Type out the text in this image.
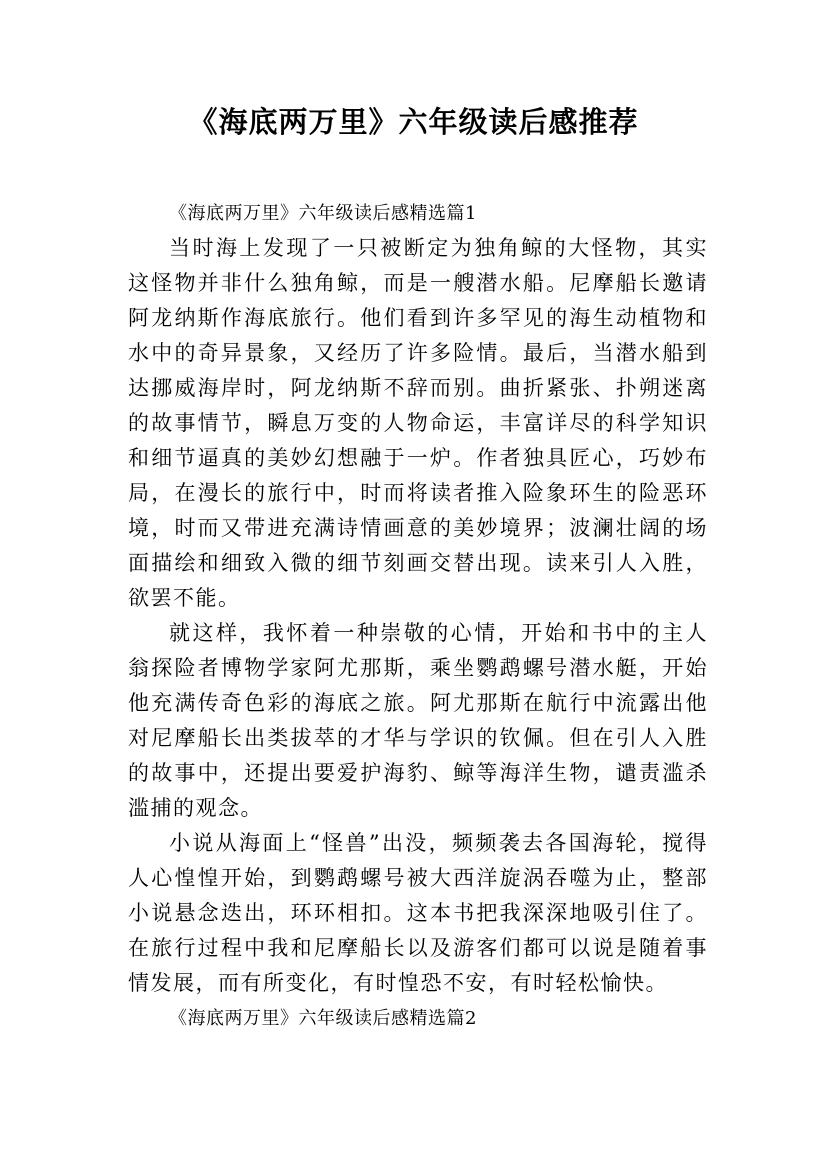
《海底两万里》六年级读后感推荐

《海底两万里》六年级读后感精选篇1

当时海上发现了一只被断定为独角鲸的大怪物，其实这怪物并非什么独角鲸，而是一艘潜水船。尼摩船长邀请阿龙纳斯作海底旅行。他们看到许多罕见的海生动植物和水中的奇异景象，又经历了许多险情。最后，当潜水船到达挪威海岸时，阿龙纳斯不辞而别。曲折紧张、扑朔迷离的故事情节，瞬息万变的人物命运，丰富详尽的科学知识和细节逼真的美妙幻想融于一炉。作者独具匠心，巧妙布局，在漫长的旅行中，时而将读者推入险象环生的险恶环境，时而又带进充满诗情画意的美妙境界；波澜壮阔的场面描绘和细致入微的细节刻画交替出现。读来引人入胜，欲罢不能。

就这样，我怀着一种崇敬的心情，开始和书中的主人翁探险者博物学家阿尤那斯，乘坐鹦鹉螺号潜水艇，开始他充满传奇色彩的海底之旅。阿尤那斯在航行中流露出他对尼摩船长出类拔萃的才华与学识的钦佩。但在引人入胜的故事中，还提出要爱护海豹、鲸等海洋生物，谴责滥杀滥捕的观念。

小说从海面上“怪兽”出没，频频袭去各国海轮，搅得人心惶惶开始，到鹦鹉螺号被大西洋旋涡吞噬为止，整部小说悬念迭出，环环相扣。这本书把我深深地吸引住了。在旅行过程中我和尼摩船长以及游客们都可以说是随着事情发展，而有所变化，有时惶恐不安，有时轻松愉快。

《海底两万里》六年级读后感精选篇2
